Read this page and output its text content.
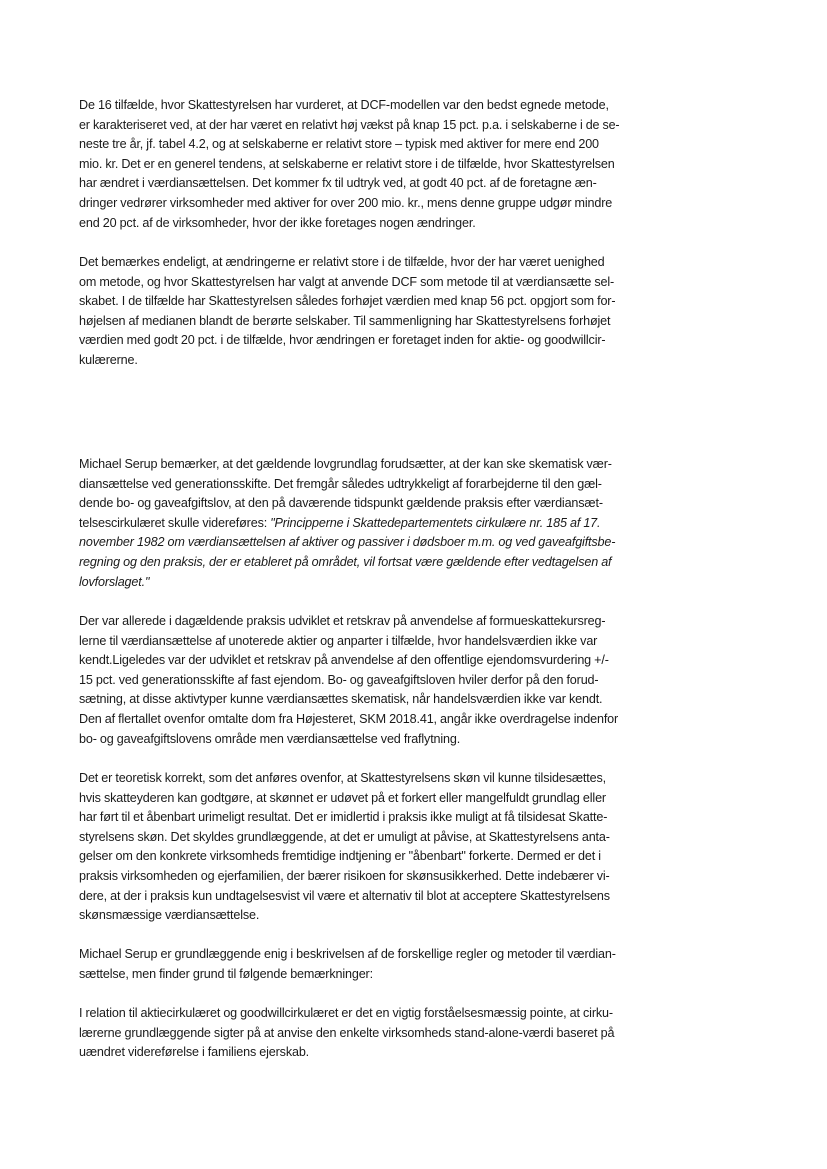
De 16 tilfælde, hvor Skattestyrelsen har vurderet, at DCF-modellen var den bedst egnede metode,
er karakteriseret ved, at der har været en relativt høj vækst på knap 15 pct. p.a. i selskaberne i de se-
neste tre år, jf. tabel 4.2, og at selskaberne er relativt store – typisk med aktiver for mere end 200
mio. kr. Det er en generel tendens, at selskaberne er relativt store i de tilfælde, hvor Skattestyrelsen
har ændret i værdiansættelsen. Det kommer fx til udtryk ved, at godt 40 pct. af de foretagne æn-
dringer vedrører virksomheder med aktiver for over 200 mio. kr., mens denne gruppe udgør mindre
end 20 pct. af de virksomheder, hvor der ikke foretages nogen ændringer.
Det bemærkes endeligt, at ændringerne er relativt store i de tilfælde, hvor der har været uenighed
om metode, og hvor Skattestyrelsen har valgt at anvende DCF som metode til at værdiansætte sel-
skabet. I de tilfælde har Skattestyrelsen således forhøjet værdien med knap 56 pct. opgjort som for-
højelsen af medianen blandt de berørte selskaber. Til sammenligning har Skattestyrelsens forhøjet
værdien med godt 20 pct. i de tilfælde, hvor ændringen er foretaget inden for aktie- og goodwillcir-
kulærerne.
Michael Serup bemærker, at det gældende lovgrundlag forudsætter, at der kan ske skematisk vær-
diansættelse ved generationsskifte. Det fremgår således udtrykkeligt af forarbejderne til den gæl-
dende bo- og gaveafgiftslov, at den på daværende tidspunkt gældende praksis efter værdiansæt-
telsescirkulæret skulle videreføres: "Principperne i Skattedepartementets cirkulære nr. 185 af 17.
november 1982 om værdiansættelsen af aktiver og passiver i dødsboer m.m. og ved gaveafgiftsbe-
regning og den praksis, der er etableret på området, vil fortsat være gældende efter vedtagelsen af
lovforslaget."
Der var allerede i dagældende praksis udviklet et retskrav på anvendelse af formueskattekursreg-
lerne til værdiansættelse af unoterede aktier og anparter i tilfælde, hvor handelsværdien ikke var
kendt.Ligeledes var der udviklet et retskrav på anvendelse af den offentlige ejendomsvurdering +/-
15 pct. ved generationsskifte af fast ejendom. Bo- og gaveafgiftsloven hviler derfor på den forud-
sætning, at disse aktivtyper kunne værdiansættes skematisk, når handelsværdien ikke var kendt.
Den af flertallet ovenfor omtalte dom fra Højesteret, SKM 2018.41, angår ikke overdragelse indenfor
bo- og gaveafgiftslovens område men værdiansættelse ved fraflytning.
Det er teoretisk korrekt, som det anføres ovenfor, at Skattestyrelsens skøn vil kunne tilsidesættes,
hvis skatteyderen kan godtgøre, at skønnet er udøvet på et forkert eller mangelfuldt grundlag eller
har ført til et åbenbart urimeligt resultat. Det er imidlertid i praksis ikke muligt at få tilsidesat Skatte-
styrelsens skøn. Det skyldes grundlæggende, at det er umuligt at påvise, at Skattestyrelsens anta-
gelser om den konkrete virksomheds fremtidige indtjening er "åbenbart" forkerte. Dermed er det i
praksis virksomheden og ejerfamilien, der bærer risikoen for skønsusikkerhed. Dette indebærer vi-
dere, at der i praksis kun undtagelsesvist vil være et alternativ til blot at acceptere Skattestyrelsens
skønsmæssige værdiansættelse.
Michael Serup er grundlæggende enig i beskrivelsen af de forskellige regler og metoder til værdian-
sættelse, men finder grund til følgende bemærkninger:
I relation til aktiecirkulæret og goodwillcirkulæret er det en vigtig forståelsesmæssig pointe, at cirku-
lærerne grundlæggende sigter på at anvise den enkelte virksomheds stand-alone-værdi baseret på
uændret videreførelse i familiens ejerskab.
